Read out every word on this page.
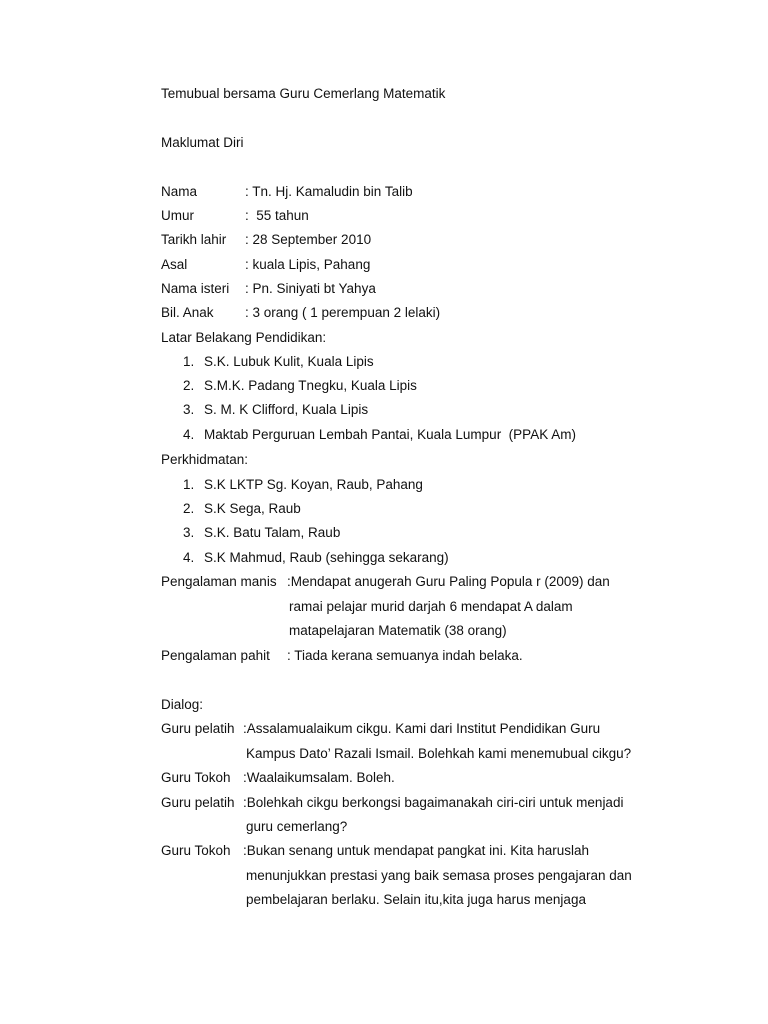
Temubual bersama Guru Cemerlang Matematik
Maklumat Diri
Nama	: Tn. Hj. Kamaludin bin Talib
Umur	:  55 tahun
Tarikh lahir : 28 September 2010
Asal	: kuala Lipis, Pahang
Nama isteri : Pn. Siniyati bt Yahya
Bil. Anak : 3 orang ( 1 perempuan 2 lelaki)
Latar Belakang Pendidikan:
1. S.K. Lubuk Kulit, Kuala Lipis
2. S.M.K. Padang Tnegku, Kuala Lipis
3. S. M. K Clifford, Kuala Lipis
4. Maktab Perguruan Lembah Pantai, Kuala Lumpur  (PPAK Am)
Perkhidmatan:
1. S.K LKTP Sg. Koyan, Raub, Pahang
2. S.K Sega, Raub
3. S.K. Batu Talam, Raub
4. S.K Mahmud, Raub (sehingga sekarang)
Pengalaman manis :Mendapat anugerah Guru Paling Popula r (2009) dan
ramai pelajar murid darjah 6 mendapat A dalam
matapelajaran Matematik (38 orang)
Pengalaman pahit : Tiada kerana semuanya indah belaka.
Dialog:
Guru pelatih :Assalamualaikum cikgu. Kami dari Institut Pendidikan Guru
Kampus Dato’ Razali Ismail. Bolehkah kami menemubual cikgu?
Guru Tokoh :Waalaikumsalam. Boleh.
Guru pelatih :Bolehkah cikgu berkongsi bagaimanakah ciri-ciri untuk menjadi
guru cemerlang?
Guru Tokoh :Bukan senang untuk mendapat pangkat ini. Kita haruslah
menunjukkan prestasi yang baik semasa proses pengajaran dan
pembelajaran berlaku. Selain itu,kita juga harus menjaga
